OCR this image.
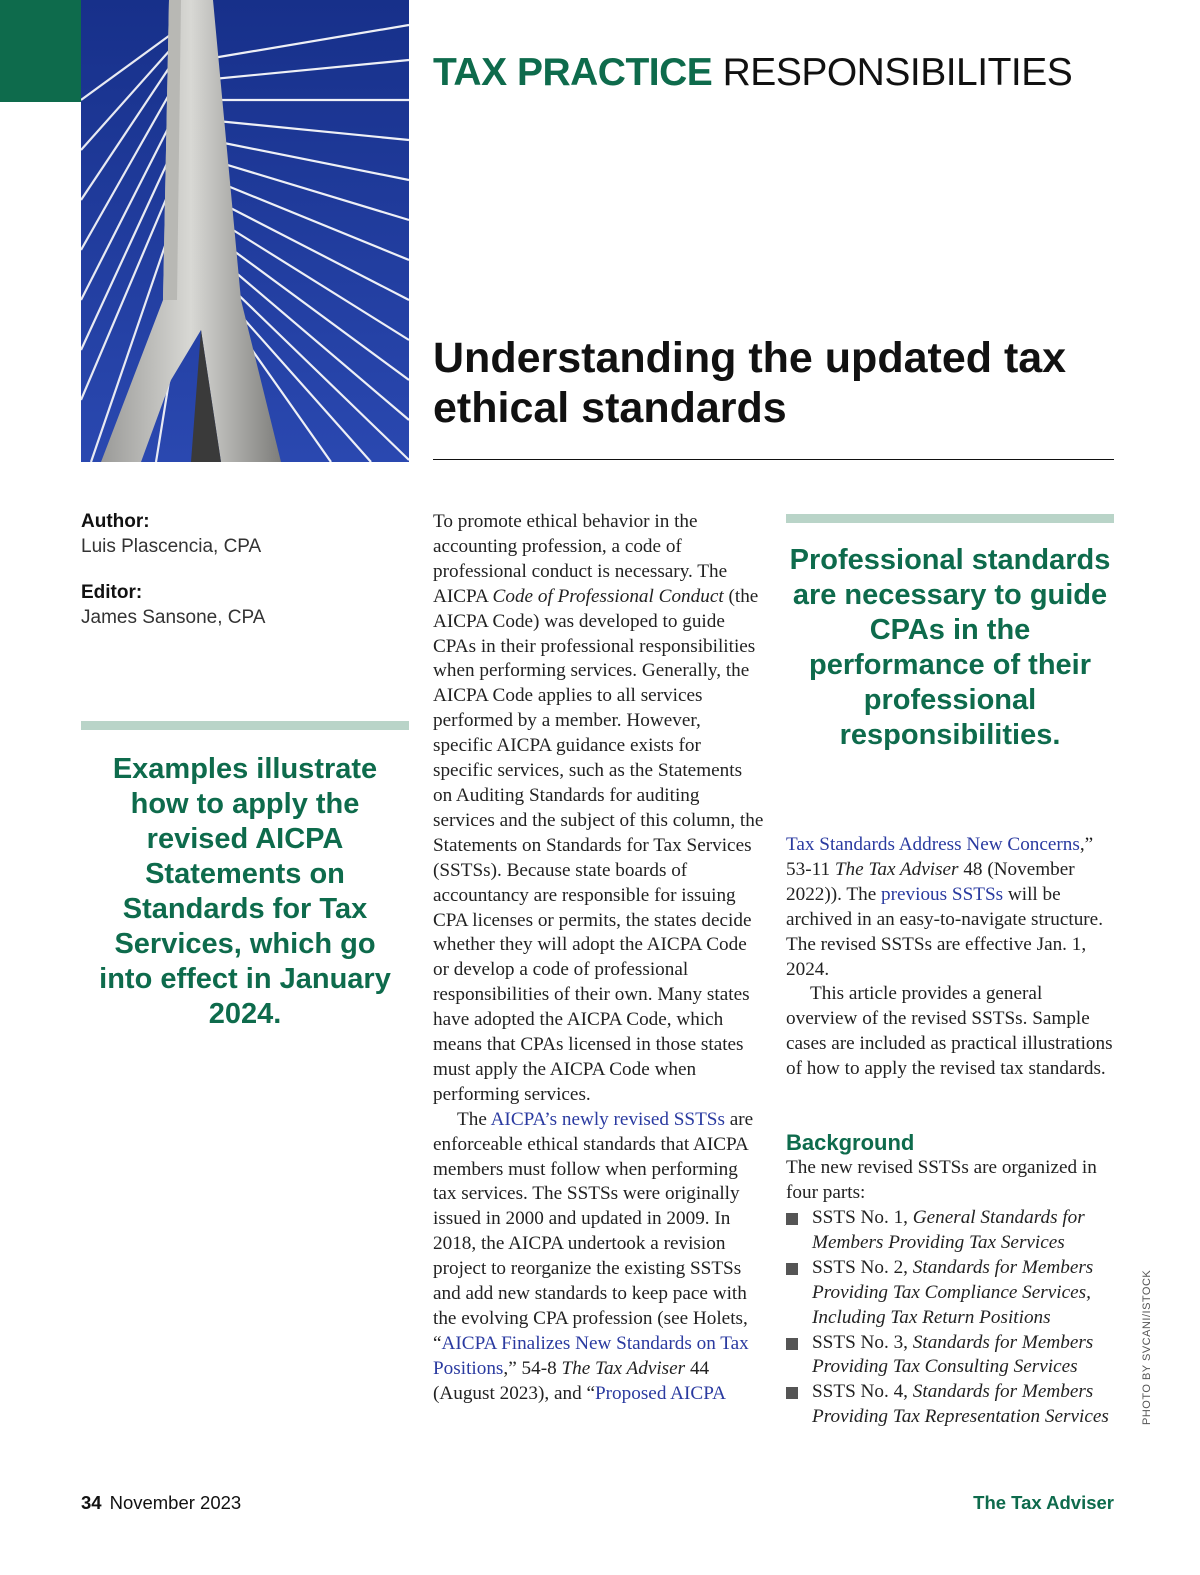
TAX PRACTICE RESPONSIBILITIES
Understanding the updated tax ethical standards
Author:
Luis Plascencia, CPA
Editor:
James Sansone, CPA
Examples illustrate how to apply the revised AICPA Statements on Standards for Tax Services, which go into effect in January 2024.

To promote ethical behavior in the accounting profession, a code of professional conduct is necessary. The AICPA Code of Professional Conduct (the AICPA Code) was developed to guide CPAs in their professional responsibilities when performing services. Generally, the AICPA Code applies to all services performed by a member. However, specific AICPA guidance exists for specific services, such as the Statements on Auditing Standards for auditing services and the subject of this column, the Statements on Standards for Tax Services (SSTSs). Because state boards of accountancy are responsible for issuing CPA licenses or permits, the states decide whether they will adopt the AICPA Code or develop a code of professional responsibilities of their own. Many states have adopted the AICPA Code, which means that CPAs licensed in those states must apply the AICPA Code when performing services.

The AICPA’s newly revised SSTSs are enforceable ethical standards that AICPA members must follow when performing tax services. The SSTSs were originally issued in 2000 and updated in 2009. In 2018, the AICPA undertook a revision project to reorganize the existing SSTSs and add new standards to keep pace with the evolving CPA profession (see Holets, “AICPA Finalizes New Standards on Tax Positions,” 54-8 The Tax Adviser 44 (August 2023), and “Proposed AICPA

Professional standards are necessary to guide CPAs in the performance of their professional responsibilities.

Tax Standards Address New Concerns,” 53-11 The Tax Adviser 48 (November 2022)). The previous SSTSs will be archived in an easy-to-navigate structure. The revised SSTSs are effective Jan. 1, 2024.

This article provides a general overview of the revised SSTSs. Sample cases are included as practical illustrations of how to apply the revised tax standards.

Background
The new revised SSTSs are organized in four parts:
SSTS No. 1, General Standards for Members Providing Tax Services
SSTS No. 2, Standards for Members Providing Tax Compliance Services, Including Tax Return Positions
SSTS No. 3, Standards for Members Providing Tax Consulting Services
SSTS No. 4, Standards for Members Providing Tax Representation Services	PHOTO BY SVCANI/ISTOCK
34 November 2023	The Tax Adviser
